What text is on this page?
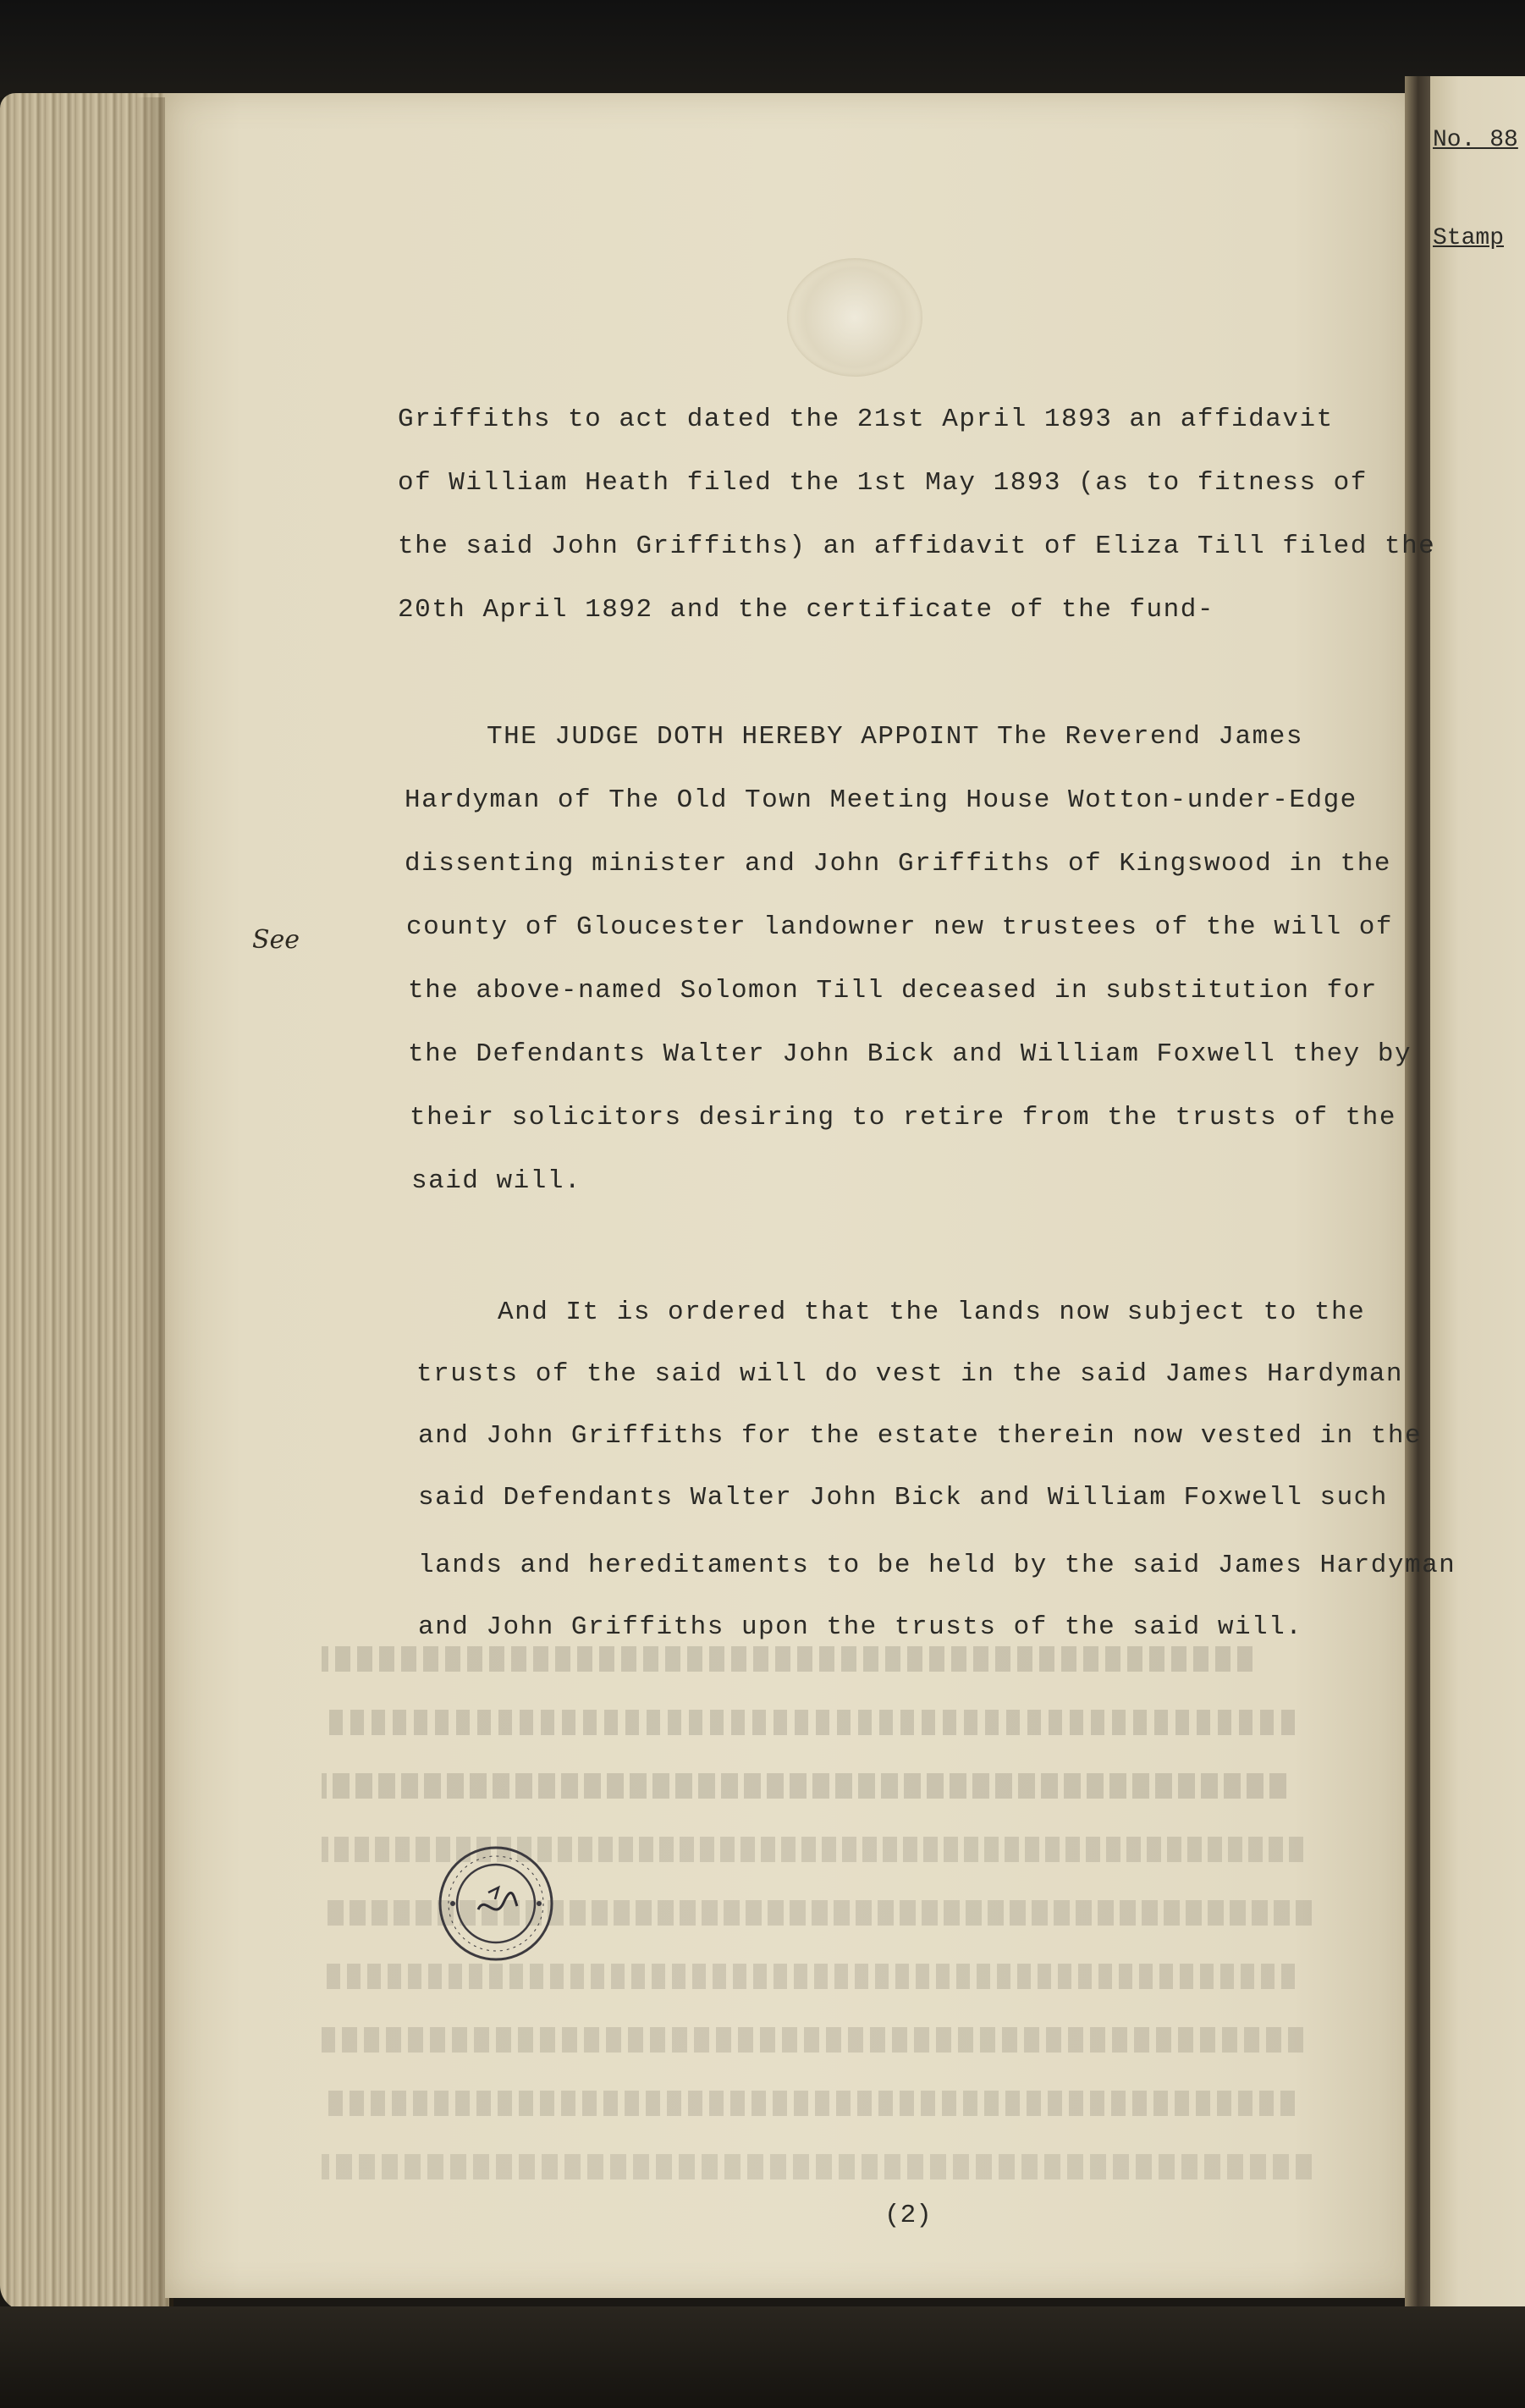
No. 88
Stamp

See
Griffiths to act dated the 21st April 1893 an affidavit
of William Heath filed the 1st May 1893 (as to fitness of
the said John Griffiths) an affidavit of Eliza Till filed the
20th April 1892 and the certificate of the fund-
THE JUDGE DOTH HEREBY APPOINT The Reverend James
Hardyman of The Old Town Meeting House Wotton-under-Edge
dissenting minister and John Griffiths of Kingswood in the
county of Gloucester landowner new trustees of the will of
the above-named Solomon Till deceased in substitution for
the Defendants Walter John Bick and William Foxwell they by
their solicitors desiring to retire from the trusts of the
said will.
And It is ordered that the lands now subject to the
trusts of the said will do vest in the said James Hardyman
and John Griffiths for the estate therein now vested in the
said Defendants Walter John Bick and William Foxwell such
lands and hereditaments to be held by the said James Hardyman
and John Griffiths upon the trusts of the said will.
(2)
